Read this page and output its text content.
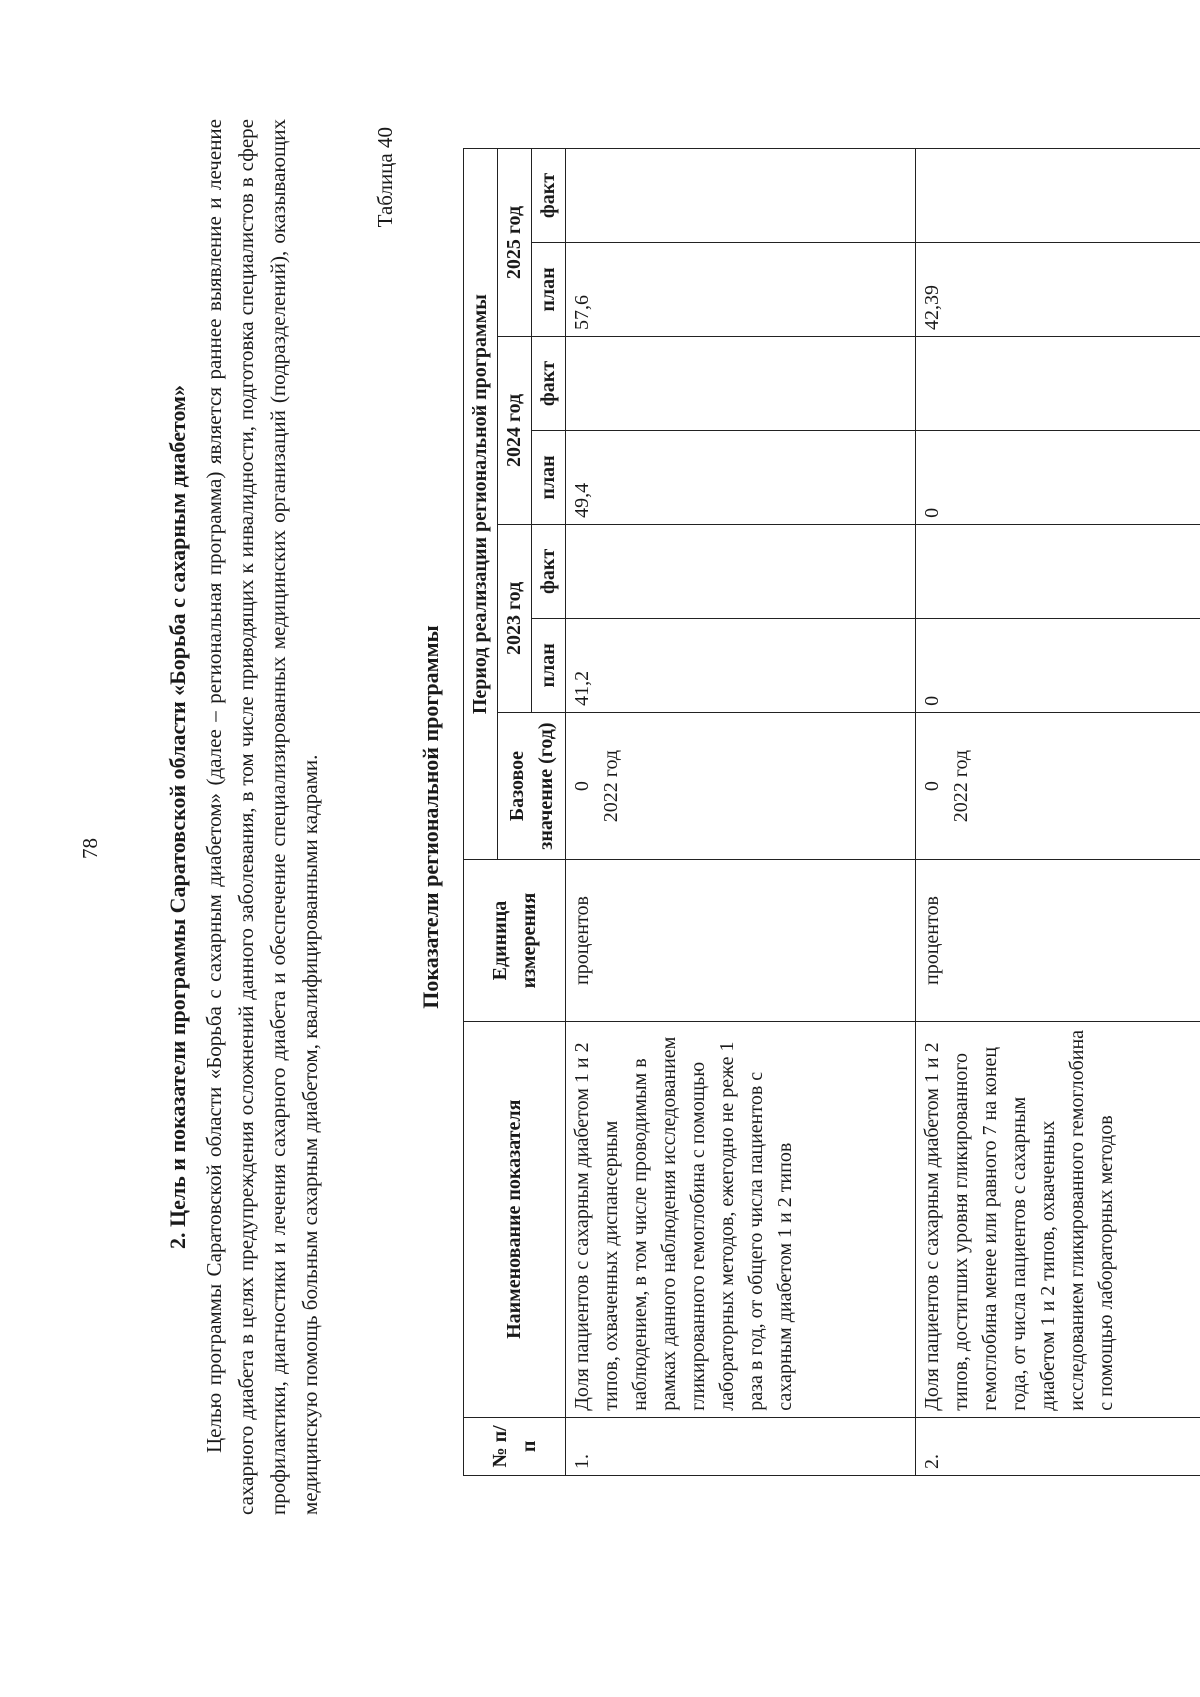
78	2. Цель и показатели программы Саратовской области «Борьба с сахарным диабетом» Целью программы Саратовской области «Борьба с сахарным диабетом» (далее – региональная программа) является раннее выявление и лечение сахарного диабета в целях предупреждения осложнений данного заболевания, в том числе приводящих к инвалидности, подготовка специалистов в сфере профилактики, диагностики и лечения сахарного диабета и обеспечение специализированных медицинских организаций (подразделений), оказывающих медицинскую помощь больным сахарным диабетом, квалифицированными кадрами.
Таблица 40
Показатели региональной программы
№ п/п	Наименование показателя	Единица измерения	Период реализации региональной программы						
			Базовое значение (год)	2023 год		2024 год		2025 год	
				план	факт	план	факт	план	факт
1.	Доля пациентов с сахарным диабетом 1 и 2 типов, охваченных диспансерным наблюдением, в том числе проводимым в рамках данного наблюдения исследованием гликированного гемоглобина с помощью лабораторных методов, ежегодно не реже 1 раза в год, от общего числа пациентов с сахарным диабетом 1 и 2 типов	процентов	0 2022 год	41,2		49,4		57,6	
2.	Доля пациентов с сахарным диабетом 1 и 2 типов, достигших уровня гликированного гемоглобина менее или равного 7 на конец года, от числа пациентов с сахарным диабетом 1 и 2 типов, охваченных исследованием гликированного гемоглобина с помощью лабораторных методов	процентов	0 2022 год	0		0		42,39	
